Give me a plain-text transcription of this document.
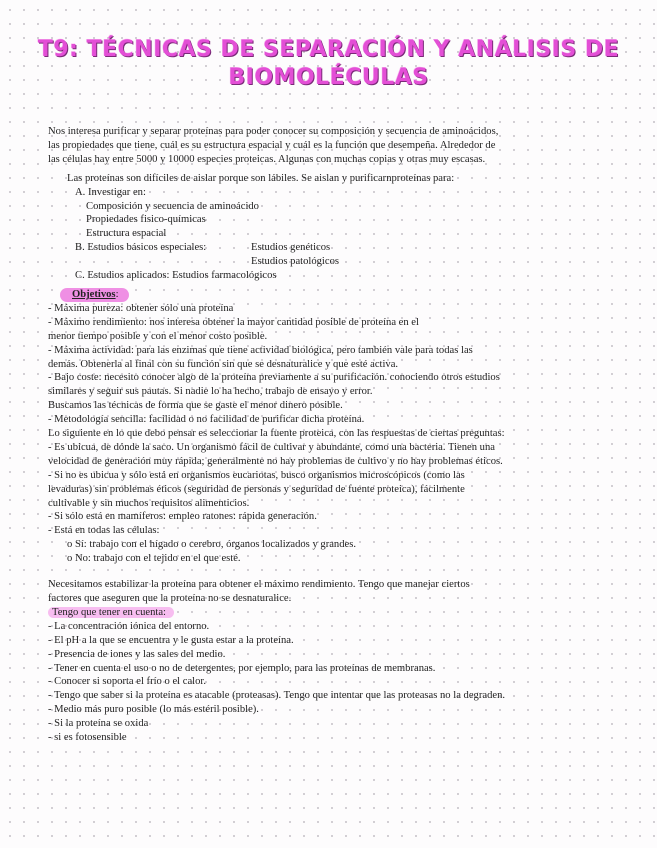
T9: TÉCNICAS DE SEPARACIÓN Y ANÁLISIS DE
BIOMOLÉCULAS

Nos interesa purificar y separar proteínas para poder conocer su composición y secuencia de aminoácidos,

las propiedades que tiene, cuál es su estructura espacial y cuál es la función que desempeña. Alrededor de

las células hay entre 5000 y 10000 especies proteicas. Algunas con muchas copias y otras muy escasas.

Las proteínas son difíciles de aislar porque son lábiles. Se aislan y purificarnproteínas para:

A. Investigar en:

Composición y secuencia de aminoácido

Propiedades fisico-químicas

Estructura espacial

B. Estudios básicos especiales:	Estudios genéticos
Estudios patológicos

C. Estudios aplicados: Estudios farmacológicos

Objetivos:

- Máxima pureza: obtener sólo una proteína

- Máximo rendimiento: nos interesa obtener la mayor cantidad posible de proteína en el

menor tiempo posible y con el menor costo posible.

- Máxima actividad: para las enzimas que tiene actividad biológica, pero también vale para todas las

demás. Obtenerla al final con su función sin que se desnaturalice y que esté activa.

- Bajo coste: necesito conocer algo de la proteína previamente a su purificación. conociendo otros estudios

similares y seguir sus pautas. Si nadie lo ha hecho, trabajo de ensayo y error.

Buscamos las técnicas de forma que se gaste el menor dinero posible.

- Metodología sencilla: facilidad o no facilidad de purificar dicha proteína.

Lo siguiente en lo que debo pensar es seleccionar la fuente proteica, con las respuestas de ciertas preguntas:

- Es ubicua, de dónde la saco. Un organismo fácil de cultivar y abundante, como una bacteria. Tienen una

velocidad de generación muy rápida; generalmente no hay problemas de cultivo y no hay problemas éticos.

- Si no es ubicua y sólo está en organismos eucariotas, busco organismos microscópicos (como las

levaduras) sin problemas éticos (seguridad de personas y seguridad de fuente proteica), fácilmente

cultivable y sin muchos requisitos alimenticios.

- Si sólo está en mamíferos: empleo ratones: rápida generación.

- Está en todas las células:

o Sí: trabajo con el hígado o cerebro, órganos localizados y grandes.

o No: trabajo con el tejido en el que esté.

Necesitamos estabilizar la proteína para obtener el máximo rendimiento. Tengo que manejar ciertos

factores que aseguren que la proteína no se desnaturalice.

Tengo que tener en cuenta:

- La concentración iónica del entorno.

- El pH a la que se encuentra y le gusta estar a la proteína.

- Presencia de iones y las sales del medio.

- Tener en cuenta el uso o no de detergentes, por ejemplo, para las proteínas de membranas.

- Conocer si soporta el frío o el calor.

- Tengo que saber si la proteína es atacable (proteasas). Tengo que intentar que las proteasas no la degraden.

- Medio más puro posible (lo más estéril posible).

- Si la proteína se oxida

- si es fotosensible
